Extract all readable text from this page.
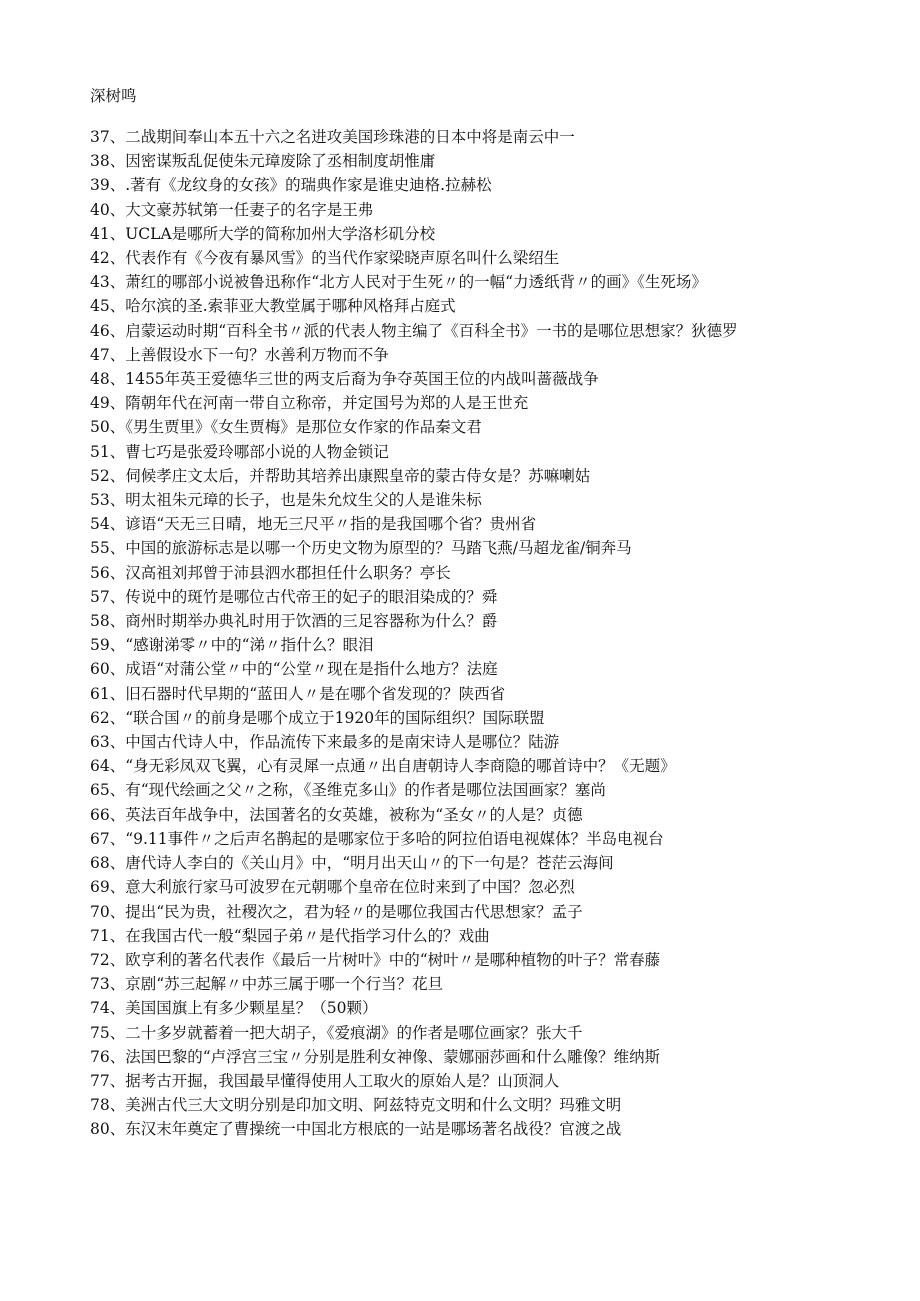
深树鸣
37、二战期间奉山本五十六之名进攻美国珍珠港的日本中将是南云中一
38、因密谋叛乱促使朱元璋废除了丞相制度胡惟庸
39、.著有《龙纹身的女孩》的瑞典作家是谁史迪格.拉赫松
40、大文豪苏轼第一任妻子的名字是王弗
41、UCLA是哪所大学的简称加州大学洛杉矶分校
42、代表作有《今夜有暴风雪》的当代作家梁晓声原名叫什么梁绍生
43、萧红的哪部小说被鲁迅称作“北方人民对于生死〃的一幅“力透纸背〃的画》《生死场》
45、哈尔滨的圣.索菲亚大教堂属于哪种风格拜占庭式
46、启蒙运动时期“百科全书〃派的代表人物主编了《百科全书》一书的是哪位思想家？狄德罗
47、上善假设水下一句？水善利万物而不争
48、1455年英王爱德华三世的两支后裔为争夺英国王位的内战叫蔷薇战争
49、隋朝年代在河南一带自立称帝，并定国号为郑的人是王世充
50、《男生贾里》《女生贾梅》是那位女作家的作品秦文君
51、曹七巧是张爱玲哪部小说的人物金锁记
52、伺候孝庄文太后，并帮助其培养出康熙皇帝的蒙古侍女是？苏嘛喇姑
53、明太祖朱元璋的长子，也是朱允炆生父的人是谁朱标
54、谚语“天无三日晴，地无三尺平〃指的是我国哪个省？贵州省
55、中国的旅游标志是以哪一个历史文物为原型的？马踏飞燕/马超龙雀/铜奔马
56、汉高祖刘邦曾于沛县泗水郡担任什么职务？亭长
57、传说中的斑竹是哪位古代帝王的妃子的眼泪染成的？舜
58、商州时期举办典礼时用于饮酒的三足容器称为什么？爵
59、“感谢涕零〃中的“涕〃指什么？眼泪
60、成语“对蒲公堂〃中的“公堂〃现在是指什么地方？法庭
61、旧石器时代早期的“蓝田人〃是在哪个省发现的？陕西省
62、“联合国〃的前身是哪个成立于1920年的国际组织？国际联盟
63、中国古代诗人中，作品流传下来最多的是南宋诗人是哪位？陆游
64、“身无彩凤双飞翼，心有灵犀一点通〃出自唐朝诗人李商隐的哪首诗中？《无题》
65、有“现代绘画之父〃之称，《圣维克多山》的作者是哪位法国画家？塞尚
66、英法百年战争中，法国著名的女英雄，被称为“圣女〃的人是？贞德
67、“9.11事件〃之后声名鹊起的是哪家位于多哈的阿拉伯语电视媒体？半岛电视台
68、唐代诗人李白的《关山月》中，“明月出天山〃的下一句是？苍茫云海间
69、意大利旅行家马可波罗在元朝哪个皇帝在位时来到了中国？忽必烈
70、提出“民为贵，社稷次之，君为轻〃的是哪位我国古代思想家？孟子
71、在我国古代一般“梨园子弟〃是代指学习什么的？戏曲
72、欧亨利的著名代表作《最后一片树叶》中的“树叶〃是哪种植物的叶子？常春藤
73、京剧“苏三起解〃中苏三属于哪一个行当？花旦
74、美国国旗上有多少颗星星？（50颗）
75、二十多岁就蓄着一把大胡子，《爱痕湖》的作者是哪位画家？张大千
76、法国巴黎的“卢浮宫三宝〃分别是胜利女神像、蒙娜丽莎画和什么雕像？维纳斯
77、据考古开掘，我国最早懂得使用人工取火的原始人是？山顶洞人
78、美洲古代三大文明分别是印加文明、阿兹特克文明和什么文明？玛雅文明
80、东汉末年奠定了曹操统一中国北方根底的一站是哪场著名战役？官渡之战
